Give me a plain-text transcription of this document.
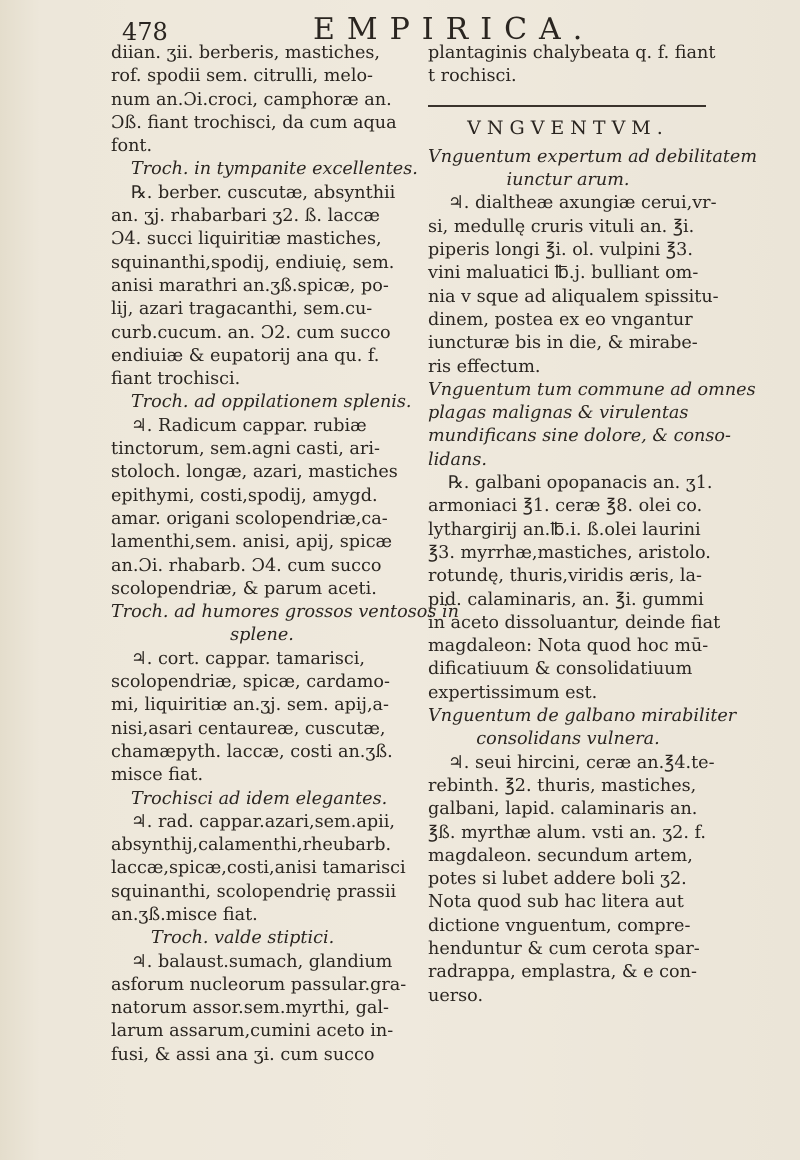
478	EMPIRICA.
diian. ʒii. berberis, mastiches,
rof. spodii sem. citrulli, melo-
num an.Ɔi.croci, camphoræ an.
Ɔß. fiant trochisci, da cum aqua
font.
Troch. in tympanite excellentes.
℞. berber. cuscutæ, absynthii
an. ʒj. rhabarbari ʒ2. ß. laccæ
Ɔ4. succi liquiritiæ mastiches,
squinanthi,spodij, endiuię, sem.
anisi marathri an.ʒß.spicæ, po-
lij, azari tragacanthi, sem.cu-
curb.cucum. an. Ɔ2. cum succo
endiuiæ & eupatorij ana qu. f.
fiant trochisci.
Troch. ad oppilationem splenis.
♃. Radicum cappar. rubiæ
tinctorum, sem.agni casti, ari-
stoloch. longæ, azari, mastiches
epithymi, costi,spodij, amygd.
amar. origani scolopendriæ,ca-
lamenthi,sem. anisi, apij, spicæ
an.Ɔi. rhabarb. Ɔ4. cum succo
scolopendriæ, & parum aceti.
Troch. ad humores grossos ventosos in
splene.
♃. cort. cappar. tamarisci,
scolopendriæ, spicæ, cardamo-
mi, liquiritiæ an.ʒj. sem. apij,a-
nisi,asari centaureæ, cuscutæ,
chamæpyth. laccæ, costi an.ʒß.
misce fiat.
Trochisci ad idem elegantes.
♃. rad. cappar.azari,sem.apii,
absynthij,calamenthi,rheubarb.
laccæ,spicæ,costi,anisi tamarisci
squinanthi, scolopendrię prassii
an.ʒß.misce fiat.
Troch. valde stiptici.
♃. balaust.sumach, glandium
asforum nucleorum passular.gra-
natorum assor.sem.myrthi, gal-
larum assarum,cumini aceto in-
fusi, & assi ana ʒi. cum succo
plantaginis chalybeata q. f. fiant
t rochisci.
VNGVENTVM.
Vnguentum expertum ad debilitatem
iunctur arum.
♃. dialtheæ axungiæ cerui,vr-
si, medullę cruris vituli an. ℥i.
piperis longi ℥i. ol. vulpini ℥3.
vini maluatici ℔.j. bulliant om-
nia v sque ad aliqualem spissitu-
dinem, postea ex eo vngantur
iuncturæ bis in die, & mirabe-
ris effectum.
Vnguentum tum commune ad omnes
plagas malignas & virulentas
mundificans sine dolore, & conso-
lidans.
℞. galbani opopanacis an. ʒ1.
armoniaci ℥1. ceræ ℥8. olei co.
lythargirij an.℔.i. ß.olei laurini
℥3. myrrhæ,mastiches, aristolo.
rotundę, thuris,viridis æris, la-
pid. calaminaris, an. ℥i. gummi
in aceto dissoluantur, deinde fiat
magdaleon: Nota quod hoc mū-
dificatiuum & consolidatiuum
expertissimum est.
Vnguentum de galbano mirabiliter
consolidans vulnera.
♃. seui hircini, ceræ an.℥4.te-
rebinth. ℥2. thuris, mastiches,
galbani, lapid. calaminaris an.
℥ß. myrthæ alum. vsti an. ʒ2. f.
magdaleon. secundum artem,
potes si lubet addere boli ʒ2.
Nota quod sub hac litera aut
dictione vnguentum, compre-
henduntur & cum cerota spar-
radrappa, emplastra, & e con-
uerso.
